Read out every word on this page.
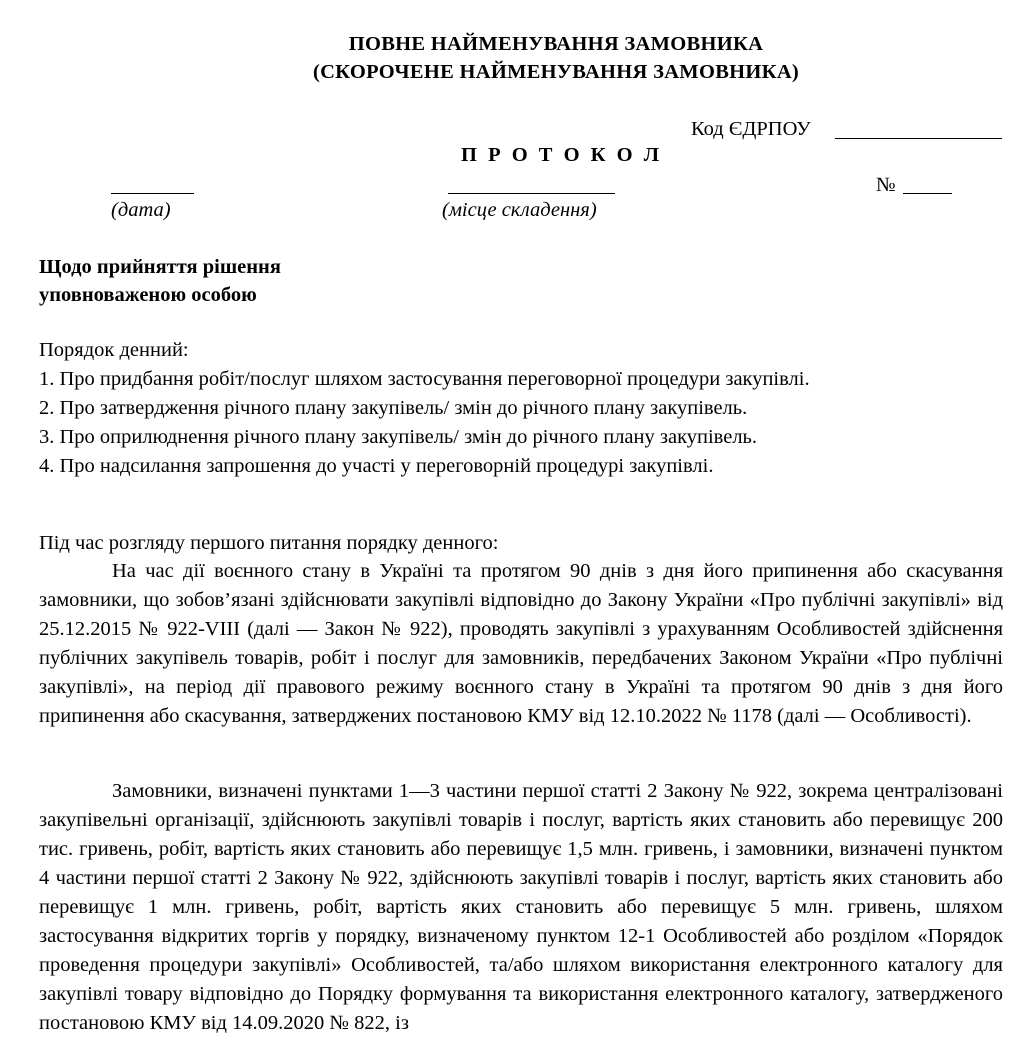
ПОВНЕ НАЙМЕНУВАННЯ ЗАМОВНИКА
(СКОРОЧЕНЕ НАЙМЕНУВАННЯ ЗАМОВНИКА)
Код ЄДРПОУ
П Р О Т О К О Л
(дата)	(місце складення)
№
Щодо прийняття рішення
уповноваженою особою
Порядок денний:
1. Про придбання робіт/послуг шляхом застосування переговорної процедури закупівлі.
2. Про затвердження річного плану закупівель/ змін до річного плану закупівель.
3. Про оприлюднення річного плану закупівель/ змін до річного плану закупівель.
4. Про надсилання запрошення до участі у переговорній процедурі закупівлі.
Під час розгляду першого питання порядку денного:
На час дії воєнного стану в Україні та протягом 90 днів з дня його припинення або скасування замовники, що зобов’язані здійснювати закупівлі відповідно до Закону України «Про публічні закупівлі» від 25.12.2015 № 922-VIII (далі — Закон № 922), проводять закупівлі з урахуванням Особливостей здійснення публічних закупівель товарів, робіт і послуг для замовників, передбачених Законом України «Про публічні закупівлі», на період дії правового режиму воєнного стану в Україні та протягом 90 днів з дня його припинення або скасування, затверджених постановою КМУ від 12.10.2022 № 1178 (далі — Особливості).
Замовники, визначені пунктами 1—3 частини першої статті 2 Закону № 922, зокрема централізовані закупівельні організації, здійснюють закупівлі товарів і послуг, вартість яких становить або перевищує 200 тис. гривень, робіт, вартість яких становить або перевищує 1,5 млн. гривень, і замовники, визначені пунктом 4 частини першої статті 2 Закону № 922, здійснюють закупівлі товарів і послуг, вартість яких становить або перевищує 1 млн. гривень, робіт, вартість яких становить або перевищує 5 млн. гривень, шляхом застосування відкритих торгів у порядку, визначеному пунктом 12-1 Особливостей або розділом «Порядок проведення процедури закупівлі» Особливостей, та/або шляхом використання електронного каталогу для закупівлі товару відповідно до Порядку формування та використання електронного каталогу, затвердженого постановою КМУ від 14.09.2020 № 822, із
